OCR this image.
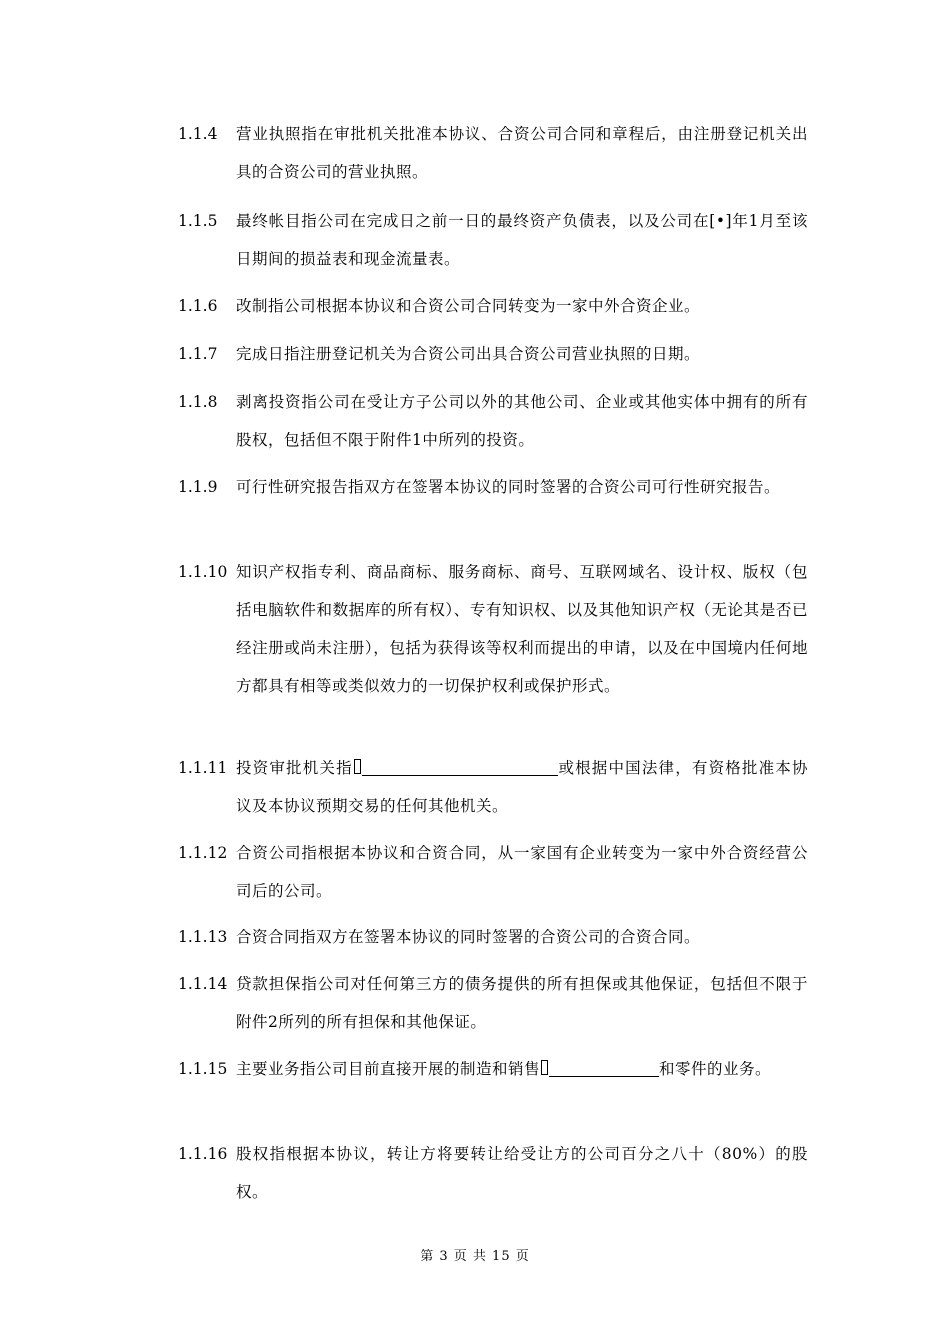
1.1.4 营业执照指在审批机关批准本协议、合资公司合同和章程后，由注册登记机关出具的合资公司的营业执照。
1.1.5 最终帐目指公司在完成日之前一日的最终资产负债表，以及公司在[•]年1月至该日期间的损益表和现金流量表。
1.1.6 改制指公司根据本协议和合资公司合同转变为一家中外合资企业。
1.1.7 完成日指注册登记机关为合资公司出具合资公司营业执照的日期。
1.1.8 剥离投资指公司在受让方子公司以外的其他公司、企业或其他实体中拥有的所有股权，包括但不限于附件1中所列的投资。
1.1.9 可行性研究报告指双方在签署本协议的同时签署的合资公司可行性研究报告。
1.1.10 知识产权指专利、商品商标、服务商标、商号、互联网域名、设计权、版权（包括电脑软件和数据库的所有权）、专有知识权、以及其他知识产权（无论其是否已经注册或尚未注册），包括为获得该等权利而提出的申请，以及在中国境内任何地方都具有相等或类似效力的一切保护权利或保护形式。
1.1.11 投资审批机关指	或根据中国法律，有资格批准本协议及本协议预期交易的任何其他机关。
1.1.12 合资公司指根据本协议和合资合同，从一家国有企业转变为一家中外合资经营公司后的公司。
1.1.13 合资合同指双方在签署本协议的同时签署的合资公司的合资合同。
1.1.14 贷款担保指公司对任何第三方的债务提供的所有担保或其他保证，包括但不限于附件2所列的所有担保和其他保证。
1.1.15 主要业务指公司目前直接开展的制造和销售	和零件的业务。
1.1.16 股权指根据本协议，转让方将要转让给受让方的公司百分之八十（80%）的股权。
第 3 页 共 15 页
